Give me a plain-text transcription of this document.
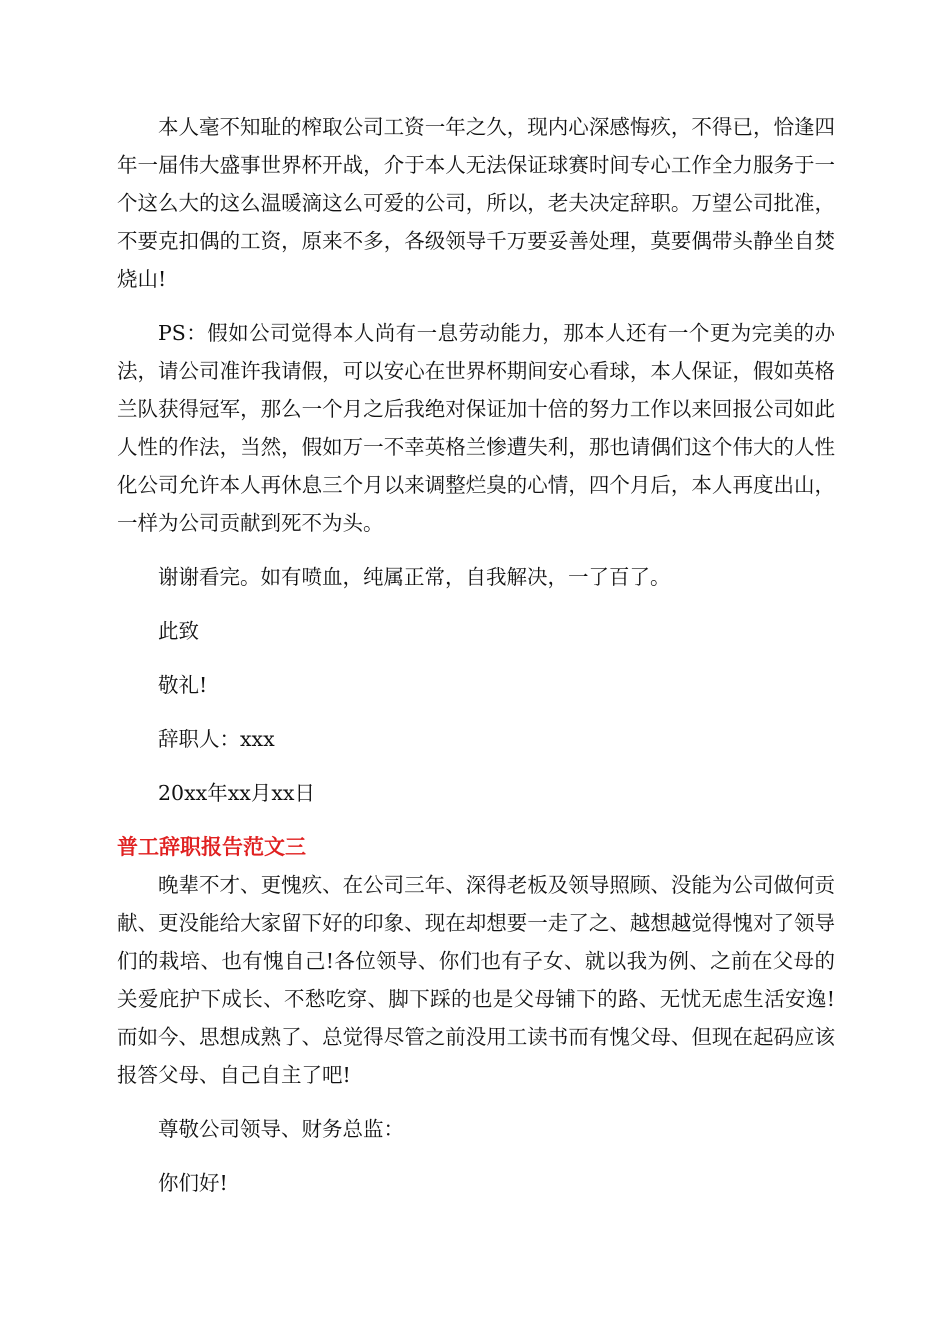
本人毫不知耻的榨取公司工资一年之久，现内心深感悔疚，不得已，恰逢四年一届伟大盛事世界杯开战，介于本人无法保证球赛时间专心工作全力服务于一个这么大的这么温暖滴这么可爱的公司，所以，老夫决定辞职。万望公司批准，不要克扣偶的工资，原来不多，各级领导千万要妥善处理，莫要偶带头静坐自焚烧山!

PS：假如公司觉得本人尚有一息劳动能力，那本人还有一个更为完美的办法，请公司准许我请假，可以安心在世界杯期间安心看球，本人保证，假如英格兰队获得冠军，那么一个月之后我绝对保证加十倍的努力工作以来回报公司如此人性的作法，当然，假如万一不幸英格兰惨遭失利，那也请偶们这个伟大的人性化公司允许本人再休息三个月以来调整烂臭的心情，四个月后，本人再度出山，一样为公司贡献到死不为头。

谢谢看完。如有喷血，纯属正常，自我解决，一了百了。

此致

敬礼!

辞职人：xxx

20xx年xx月xx日

普工辞职报告范文三

晚辈不才、更愧疚、在公司三年、深得老板及领导照顾、没能为公司做何贡献、更没能给大家留下好的印象、现在却想要一走了之、越想越觉得愧对了领导们的栽培、也有愧自己!各位领导、你们也有子女、就以我为例、之前在父母的关爱庇护下成长、不愁吃穿、脚下踩的也是父母铺下的路、无忧无虑生活安逸!而如今、思想成熟了、总觉得尽管之前没用工读书而有愧父母、但现在起码应该报答父母、自己自主了吧!

尊敬公司领导、财务总监：

你们好!
